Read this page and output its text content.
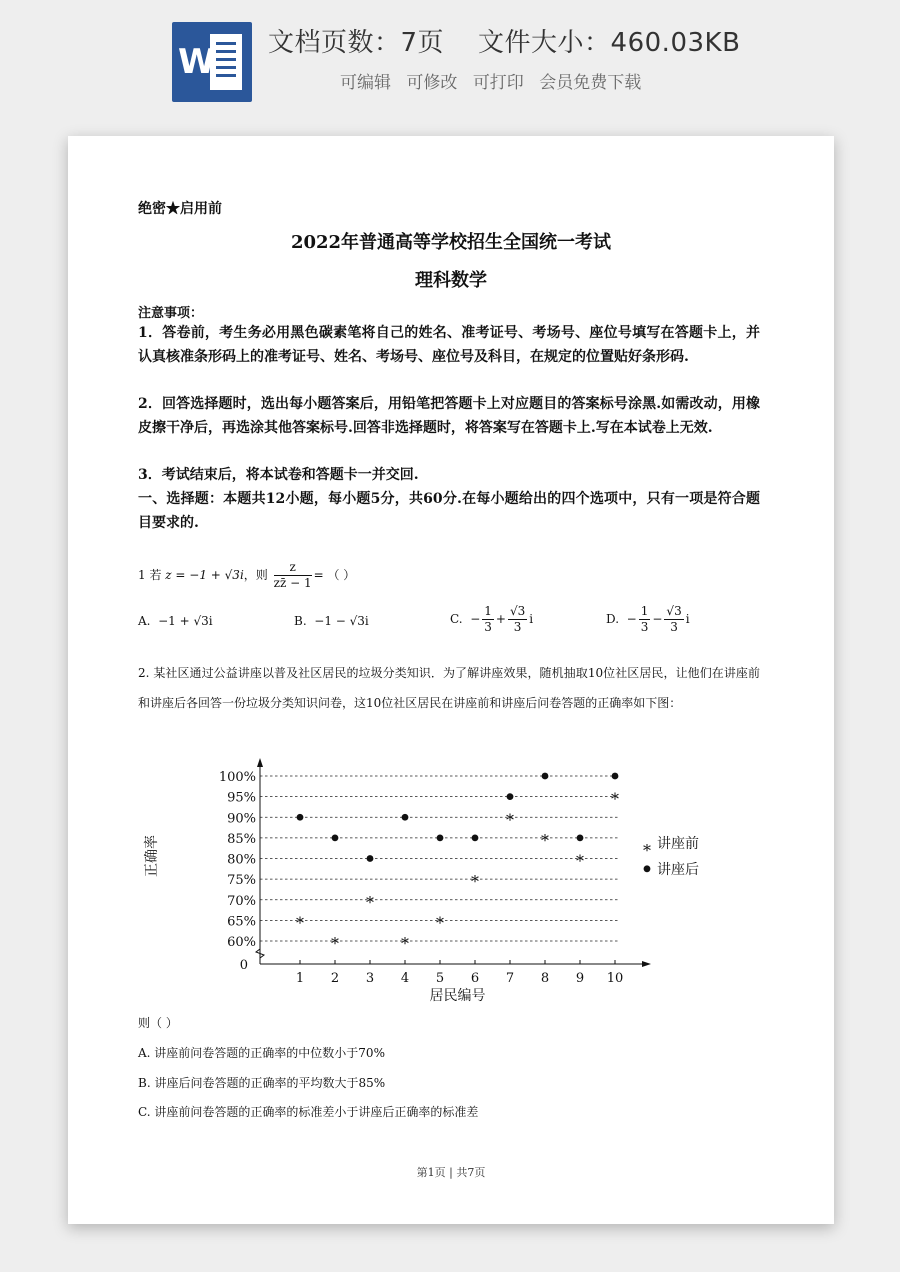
W 文档页数：7页 文件大小：460.03KB
可编辑 可修改 可打印 会员免费下载
绝密★启用前
2022年普通高等学校招生全国统一考试
理科数学
注意事项：
1．答卷前，考生务必用黑色碳素笔将自己的姓名、准考证号、考场号、座位号填写在答题卡上，并认真核准条形码上的准考证号、姓名、考场号、座位号及科目，在规定的位置贴好条形码.
2．回答选择题时，选出每小题答案后，用铅笔把答题卡上对应题目的答案标号涂黑.如需改动，用橡皮擦干净后，再选涂其他答案标号.回答非选择题时，将答案写在答题卡上.写在本试卷上无效.
3．考试结束后，将本试卷和答题卡一并交回.
一、选择题：本题共12小题，每小题5分，共60分.在每小题给出的四个选项中，只有一项是符合题目要求的.
1 若 z = −1 + √3i，则 $\frac{z}{zz̄ - 1}$ = （ ）
A. −1 + √3i	B. −1 − √3i	C. − $\frac{1}{3} + \frac{√3}{3}$ i	D. − $\frac{1}{3} - \frac{√3}{3}$ i
2. 某社区通过公益讲座以普及社区居民的垃圾分类知识．为了解讲座效果，随机抽取10位社区居民，让他们在讲座前和讲座后各回答一份垃圾分类知识问卷，这10位社区居民在讲座前和讲座后问卷答题的正确率如下图：
0
60%
65%
70%
75%
80%
85%
90%
95%
100%
1 2 3 4 5 6 7 8 9 10
居民编号
正确率
*
*
*
*
*
*
*
*
*
*
* 讲座前
讲座后
则（ ）
A. 讲座前问卷答题的正确率的中位数小于70%
B. 讲座后问卷答题的正确率的平均数大于85%
C. 讲座前问卷答题的正确率的标准差小于讲座后正确率的标准差
第1页 | 共7页
